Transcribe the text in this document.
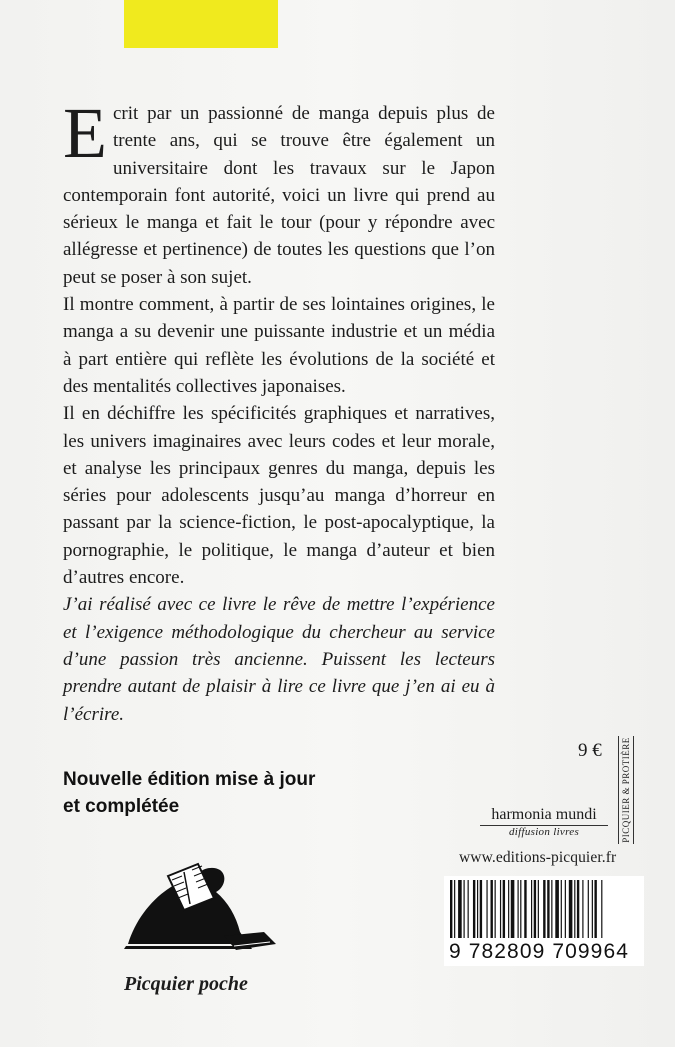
Ecrit par un passionné de manga depuis plus de trente ans, qui se trouve être également un universitaire dont les travaux sur le Japon contemporain font autorité, voici un livre qui prend au sérieux le manga et fait le tour (pour y répondre avec allégresse et pertinence) de toutes les questions que l’on peut se poser à son sujet.

Il montre comment, à partir de ses lointaines origines, le manga a su devenir une puissante industrie et un média à part entière qui reflète les évolutions de la société et des mentalités collectives japonaises.

Il en déchiffre les spécificités graphiques et narratives, les univers imaginaires avec leurs codes et leur morale, et analyse les principaux genres du manga, depuis les séries pour adolescents jusqu’au manga d’horreur en passant par la science-fiction, le post-apocalyptique, la pornographie, le politique, le manga d’auteur et bien d’autres encore.

J’ai réalisé avec ce livre le rêve de mettre l’expérience et l’exigence méthodologique du chercheur au service d’une passion très ancienne. Puissent les lecteurs prendre autant de plaisir à lire ce livre que j’en ai eu à l’écrire.

Nouvelle édition mise à jour
et complétée
9 € PICQUIER & PROTIÈRE
harmonia mundi
diffusion livres
www.editions-picquier.fr
9 782809 709964
Picquier poche
